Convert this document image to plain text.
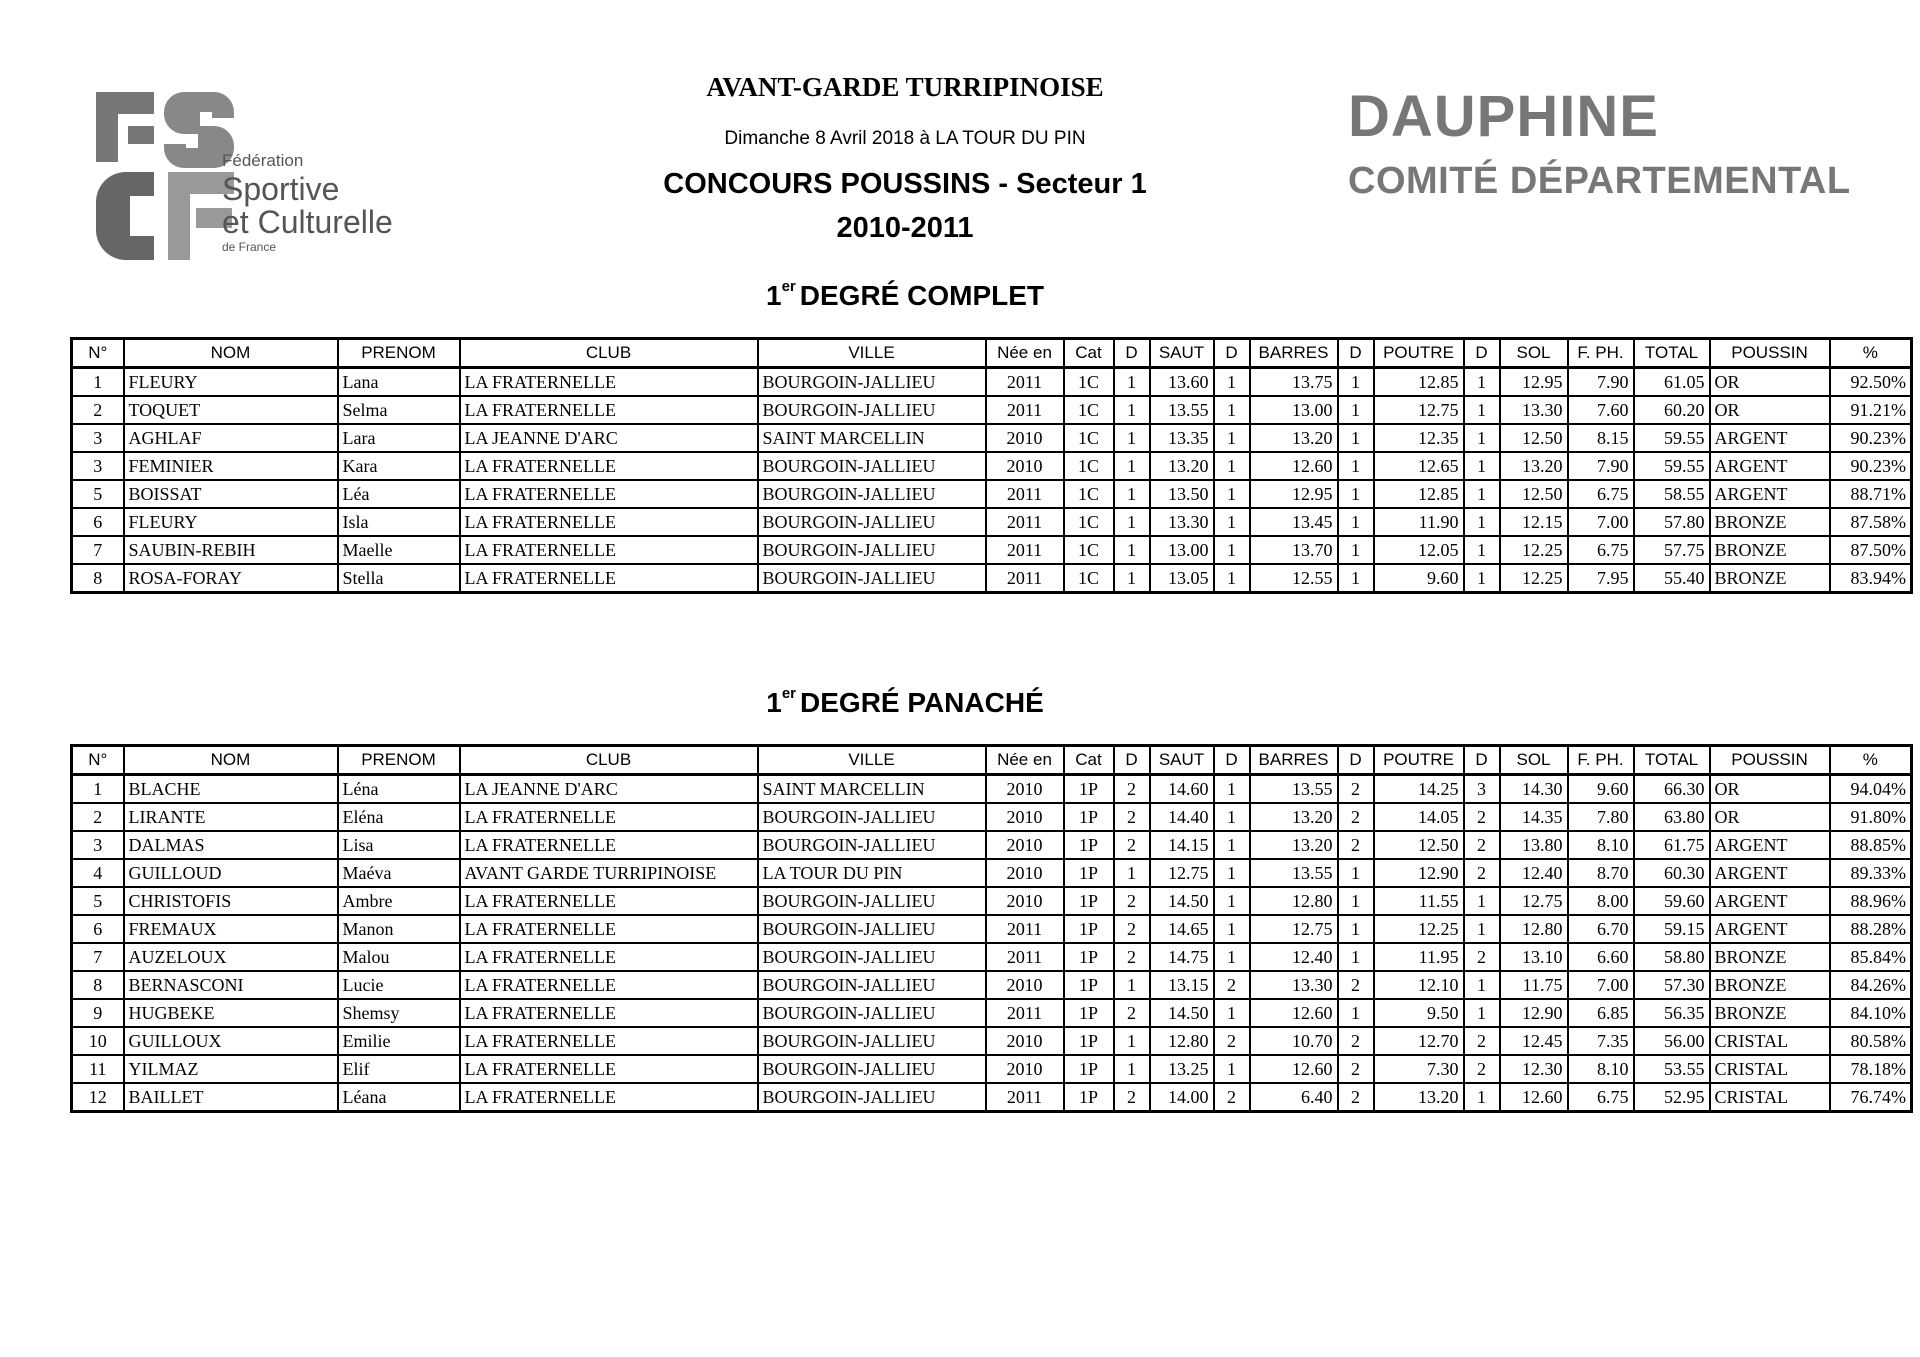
Fédération
Sportive
et Culturelle
de France
DAUPHINE
COMITÉ DÉPARTEMENTAL
AVANT-GARDE TURRIPINOISE
Dimanche 8 Avril 2018 à LA TOUR DU PIN
CONCOURS POUSSINS - Secteur 1
2010-2011
1er DEGRÉ COMPLET
N°	NOM	PRENOM	CLUB	VILLE	Née en	Cat	D	SAUT	D	BARRES	D	POUTRE	D	SOL	F. PH.	TOTAL	POUSSIN	%
1	FLEURY	Lana	LA FRATERNELLE	BOURGOIN-JALLIEU	2011	1C	1	13.60	1	13.75	1	12.85	1	12.95	7.90	61.05	OR	92.50%
2	TOQUET	Selma	LA FRATERNELLE	BOURGOIN-JALLIEU	2011	1C	1	13.55	1	13.00	1	12.75	1	13.30	7.60	60.20	OR	91.21%
3	AGHLAF	Lara	LA JEANNE D'ARC	SAINT MARCELLIN	2010	1C	1	13.35	1	13.20	1	12.35	1	12.50	8.15	59.55	ARGENT	90.23%
3	FEMINIER	Kara	LA FRATERNELLE	BOURGOIN-JALLIEU	2010	1C	1	13.20	1	12.60	1	12.65	1	13.20	7.90	59.55	ARGENT	90.23%
5	BOISSAT	Léa	LA FRATERNELLE	BOURGOIN-JALLIEU	2011	1C	1	13.50	1	12.95	1	12.85	1	12.50	6.75	58.55	ARGENT	88.71%
6	FLEURY	Isla	LA FRATERNELLE	BOURGOIN-JALLIEU	2011	1C	1	13.30	1	13.45	1	11.90	1	12.15	7.00	57.80	BRONZE	87.58%
7	SAUBIN-REBIH	Maelle	LA FRATERNELLE	BOURGOIN-JALLIEU	2011	1C	1	13.00	1	13.70	1	12.05	1	12.25	6.75	57.75	BRONZE	87.50%
8	ROSA-FORAY	Stella	LA FRATERNELLE	BOURGOIN-JALLIEU	2011	1C	1	13.05	1	12.55	1	9.60	1	12.25	7.95	55.40	BRONZE	83.94%
1er DEGRÉ PANACHÉ
N°	NOM	PRENOM	CLUB	VILLE	Née en	Cat	D	SAUT	D	BARRES	D	POUTRE	D	SOL	F. PH.	TOTAL	POUSSIN	%
1	BLACHE	Léna	LA JEANNE D'ARC	SAINT MARCELLIN	2010	1P	2	14.60	1	13.55	2	14.25	3	14.30	9.60	66.30	OR	94.04%
2	LIRANTE	Eléna	LA FRATERNELLE	BOURGOIN-JALLIEU	2010	1P	2	14.40	1	13.20	2	14.05	2	14.35	7.80	63.80	OR	91.80%
3	DALMAS	Lisa	LA FRATERNELLE	BOURGOIN-JALLIEU	2010	1P	2	14.15	1	13.20	2	12.50	2	13.80	8.10	61.75	ARGENT	88.85%
4	GUILLOUD	Maéva	AVANT GARDE TURRIPINOISE	LA TOUR DU PIN	2010	1P	1	12.75	1	13.55	1	12.90	2	12.40	8.70	60.30	ARGENT	89.33%
5	CHRISTOFIS	Ambre	LA FRATERNELLE	BOURGOIN-JALLIEU	2010	1P	2	14.50	1	12.80	1	11.55	1	12.75	8.00	59.60	ARGENT	88.96%
6	FREMAUX	Manon	LA FRATERNELLE	BOURGOIN-JALLIEU	2011	1P	2	14.65	1	12.75	1	12.25	1	12.80	6.70	59.15	ARGENT	88.28%
7	AUZELOUX	Malou	LA FRATERNELLE	BOURGOIN-JALLIEU	2011	1P	2	14.75	1	12.40	1	11.95	2	13.10	6.60	58.80	BRONZE	85.84%
8	BERNASCONI	Lucie	LA FRATERNELLE	BOURGOIN-JALLIEU	2010	1P	1	13.15	2	13.30	2	12.10	1	11.75	7.00	57.30	BRONZE	84.26%
9	HUGBEKE	Shemsy	LA FRATERNELLE	BOURGOIN-JALLIEU	2011	1P	2	14.50	1	12.60	1	9.50	1	12.90	6.85	56.35	BRONZE	84.10%
10	GUILLOUX	Emilie	LA FRATERNELLE	BOURGOIN-JALLIEU	2010	1P	1	12.80	2	10.70	2	12.70	2	12.45	7.35	56.00	CRISTAL	80.58%
11	YILMAZ	Elif	LA FRATERNELLE	BOURGOIN-JALLIEU	2010	1P	1	13.25	1	12.60	2	7.30	2	12.30	8.10	53.55	CRISTAL	78.18%
12	BAILLET	Léana	LA FRATERNELLE	BOURGOIN-JALLIEU	2011	1P	2	14.00	2	6.40	2	13.20	1	12.60	6.75	52.95	CRISTAL	76.74%
